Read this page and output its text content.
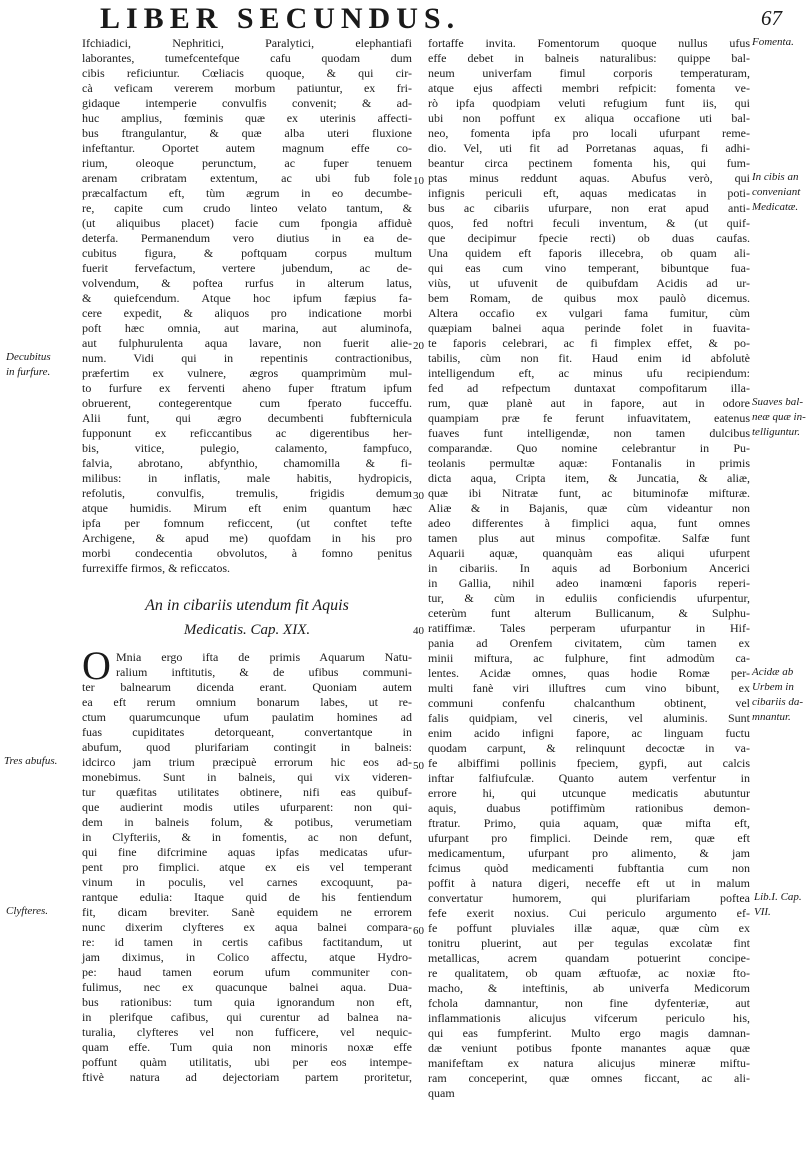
LIBER SECUNDUS.	67
Ifchiadici, Nephritici, Paralytici, elephantiafi
laborantes, tumefcentefque cafu quodam dum
cibis reficiuntur. Cœliacis quoque, & qui cir-
cà veficam vererem morbum patiuntur, ex fri-
gidaque intemperie convulfis convenit; & ad-
huc amplius, fœminis quæ ex uterinis affecti-
bus ftrangulantur, & quæ alba uteri fluxione
infeftantur. Oportet autem magnum effe co-
rium, oleoque perunctum, ac fuper tenuem
arenam cribratam extentum, ac ubi fub fole
præcalfactum eft, tùm ægrum in eo decumbe-
re, capite cum crudo linteo velato tantum, &
(ut aliquibus placet) facie cum fpongia affiduè
deterfa. Permanendum vero diutius in ea de-
cubitus figura, & poftquam corpus multum
fuerit fervefactum, vertere jubendum, ac de-
volvendum, & poftea rurfus in alterum latus,
& quiefcendum. Atque hoc ipfum fæpius fa-
cere expedit, & aliquos pro indicatione morbi
poft hæc omnia, aut marina, aut aluminofa,
aut fulphurulenta aqua lavare, non fuerit alie-
num. Vidi qui in repentinis contractionibus,
præfertim ex vulnere, ægros quamprimùm mul-
to furfure ex ferventi aheno fuper ftratum ipfum
obruerent, contegerentque cum fperato fucceffu.
Alii funt, qui ægro decumbenti fubfternicula
fupponunt ex reficcantibus ac digerentibus her-
bis, vitice, pulegio, calamento, fampfuco,
falvia, abrotano, abfynthio, chamomilla & fi-
milibus: in inflatis, male habitis, hydropicis,
refolutis, convulfis, tremulis, frigidis demum
atque humidis. Mirum eft enim quantum hæc
ipfa per fomnum reficcent, (ut conftet tefte
Archigene, & apud me) quofdam in his pro
morbi condecentia obvolutos, à fomno penitus
furrexiffe firmos, & reficcatos.
An in cibariis utendum fit Aquis
Medicatis. Cap. XIX.
O Mnia ergo ifta de primis Aquarum Natu-
ralium inftitutis, & de ufibus communi-
ter balnearum dicenda erant. Quoniam autem
ea eft rerum omnium bonarum labes, ut re-
ctum quarumcunque ufum paulatim homines ad
fuas cupiditates detorqueant, convertantque in
abufum, quod plurifariam contingit in balneis:
idcirco jam trium præcipuè errorum hic eos ad-
monebimus. Sunt in balneis, qui vix videren-
tur quæfitas utilitates obtinere, nifi eas quibuf-
que audierint modis utiles ufurparent: non qui-
dem in balneis folum, & potibus, verumetiam
in Clyfteriis, & in fomentis, ac non defunt,
qui fine difcrimine aquas ipfas medicatas ufur-
pent pro fimplici. atque ex eis vel temperant
vinum in poculis, vel carnes excoquunt, pa-
rantque edulia: Itaque quid de his fentiendum
fit, dicam breviter. Sanè equidem ne errorem
nunc dixerim clyfteres ex aqua balnei compara-
re: id tamen in certis cafibus factitandum, ut
jam diximus, in Colico affectu, atque Hydro-
pe: haud tamen eorum ufum communiter con-
fulimus, nec ex quacunque balnei aqua. Dua-
bus rationibus: tum quia ignorandum non eft,
in plerifque cafibus, qui curentur ad balnea na-
turalia, clyfteres vel non fufficere, vel nequic-
quam effe. Tum quia non minoris noxæ effe
poffunt quàm utilitatis, ubi per eos intempe-
ftivè natura ad dejectoriam partem proritetur,
fortaffe invita. Fomentorum quoque nullus ufus
effe debet in balneis naturalibus: quippe bal-
neum univerfam fimul corporis temperaturam,
atque ejus affecti membri refpicit: fomenta ve-
rò ipfa quodpiam veluti refugium funt iis, qui
ubi non poffunt ex aliqua occafione uti bal-
neo, fomenta ipfa pro locali ufurpant reme-
dio. Vel, uti fit ad Porretanas aquas, fi adhi-
beantur circa pectinem fomenta his, qui fum-
ptas minus reddunt aquas. Abufus verò, qui
infignis periculi eft, aquas medicatas in poti-
bus ac cibariis ufurpare, non erat apud anti-
quos, fed noftri feculi inventum, & (ut quif-
que decipimur fpecie recti) ob duas caufas.
Una quidem eft faporis illecebra, ob quam ali-
qui eas cum vino temperant, bibuntque fua-
viùs, ut ufuvenit de quibufdam Acidis ad ur-
bem Romam, de quibus mox paulò dicemus.
Altera occafio ex vulgari fama fumitur, cùm
quæpiam balnei aqua perinde folet in fuavita-
te faporis celebrari, ac fi fimplex effet, & po-
tabilis, cùm non fit. Haud enim id abfolutè
intelligendum eft, ac minus ufu recipiendum:
fed ad refpectum duntaxat compofitarum illa-
rum, quæ planè aut in fapore, aut in odore
quampiam præ fe ferunt infuavitatem, eatenus
fuaves funt intelligendæ, non tamen dulcibus
comparandæ. Quo nomine celebrantur in Pu-
teolanis permultæ aquæ: Fontanalis in primis
dicta aqua, Cripta item, & Juncatia, & aliæ,
quæ ibi Nitratæ funt, ac bituminofæ mifturæ.
Aliæ & in Bajanis, quæ cùm videantur non
adeo differentes à fimplici aqua, funt omnes
tamen plus aut minus compofitæ. Salfæ funt
Aquarii aquæ, quanquàm eas aliqui ufurpent
in cibariis. In aquis ad Borbonium Ancerici
in Gallia, nihil adeo inamœni faporis reperi-
tur, & cùm in eduliis conficiendis ufurpentur,
ceterùm funt alterum Bullicanum, & Sulphu-
ratiffimæ. Tales perperam ufurpantur in Hif-
pania ad Orenfem civitatem, cùm tamen ex
minii miftura, ac fulphure, fint admodùm ca-
lentes. Acidæ omnes, quas hodie Romæ per-
multi fanè viri illuftres cum vino bibunt, ex
communi confenfu chalcanthum obtinent, vel
falis quidpiam, vel cineris, vel aluminis. Sunt
enim acido infigni fapore, ac linguam fuctu
quodam carpunt, & relinquunt decoctæ in va-
fe albiffimi pollinis fpeciem, gypfi, aut calcis
inftar falfiufculæ. Quanto autem verfentur in
errore hi, qui utcunque medicatis abutuntur
aquis, duabus potiffimùm rationibus demon-
ftratur. Primo, quia aquam, quæ mifta eft,
ufurpant pro fimplici. Deinde rem, quæ eft
medicamentum, ufurpant pro alimento, & jam
fcimus quòd medicamenti fubftantia cum non
poffit à natura digeri, neceffe eft ut in malum
convertatur humorem, qui plurifariam poftea
fefe exerit noxius. Cui periculo argumento ef-
fe poffunt pluviales illæ aquæ, quæ cùm ex
tonitru pluerint, aut per tegulas excolatæ fint
metallicas, acrem quandam potuerint concipe-
re qualitatem, ob quam æftuofæ, ac noxiæ fto-
macho, & inteftinis, ab univerfa Medicorum
fchola damnantur, non fine dyfenteriæ, aut
inflammationis alicujus vifcerum periculo his,
qui eas fumpferint. Multo ergo magis damnan-
dæ veniunt potibus fponte manantes aquæ quæ
manifeftam ex natura alicujus mineræ miftu-
ram conceperint, quæ omnes ficcant, ac ali-
quam
Decubitus
in furfure.
Tres abufus.
Clyfteres.
Fomenta.
In cibis an
conveniant
Medicatæ.
Suaves bal-
neæ quæ in-
telliguntur.
Acidæ ab
Urbem in
cibariis da-
mnantur.
Lib.I. Cap.
VII.
10
20
30
40
50
60
